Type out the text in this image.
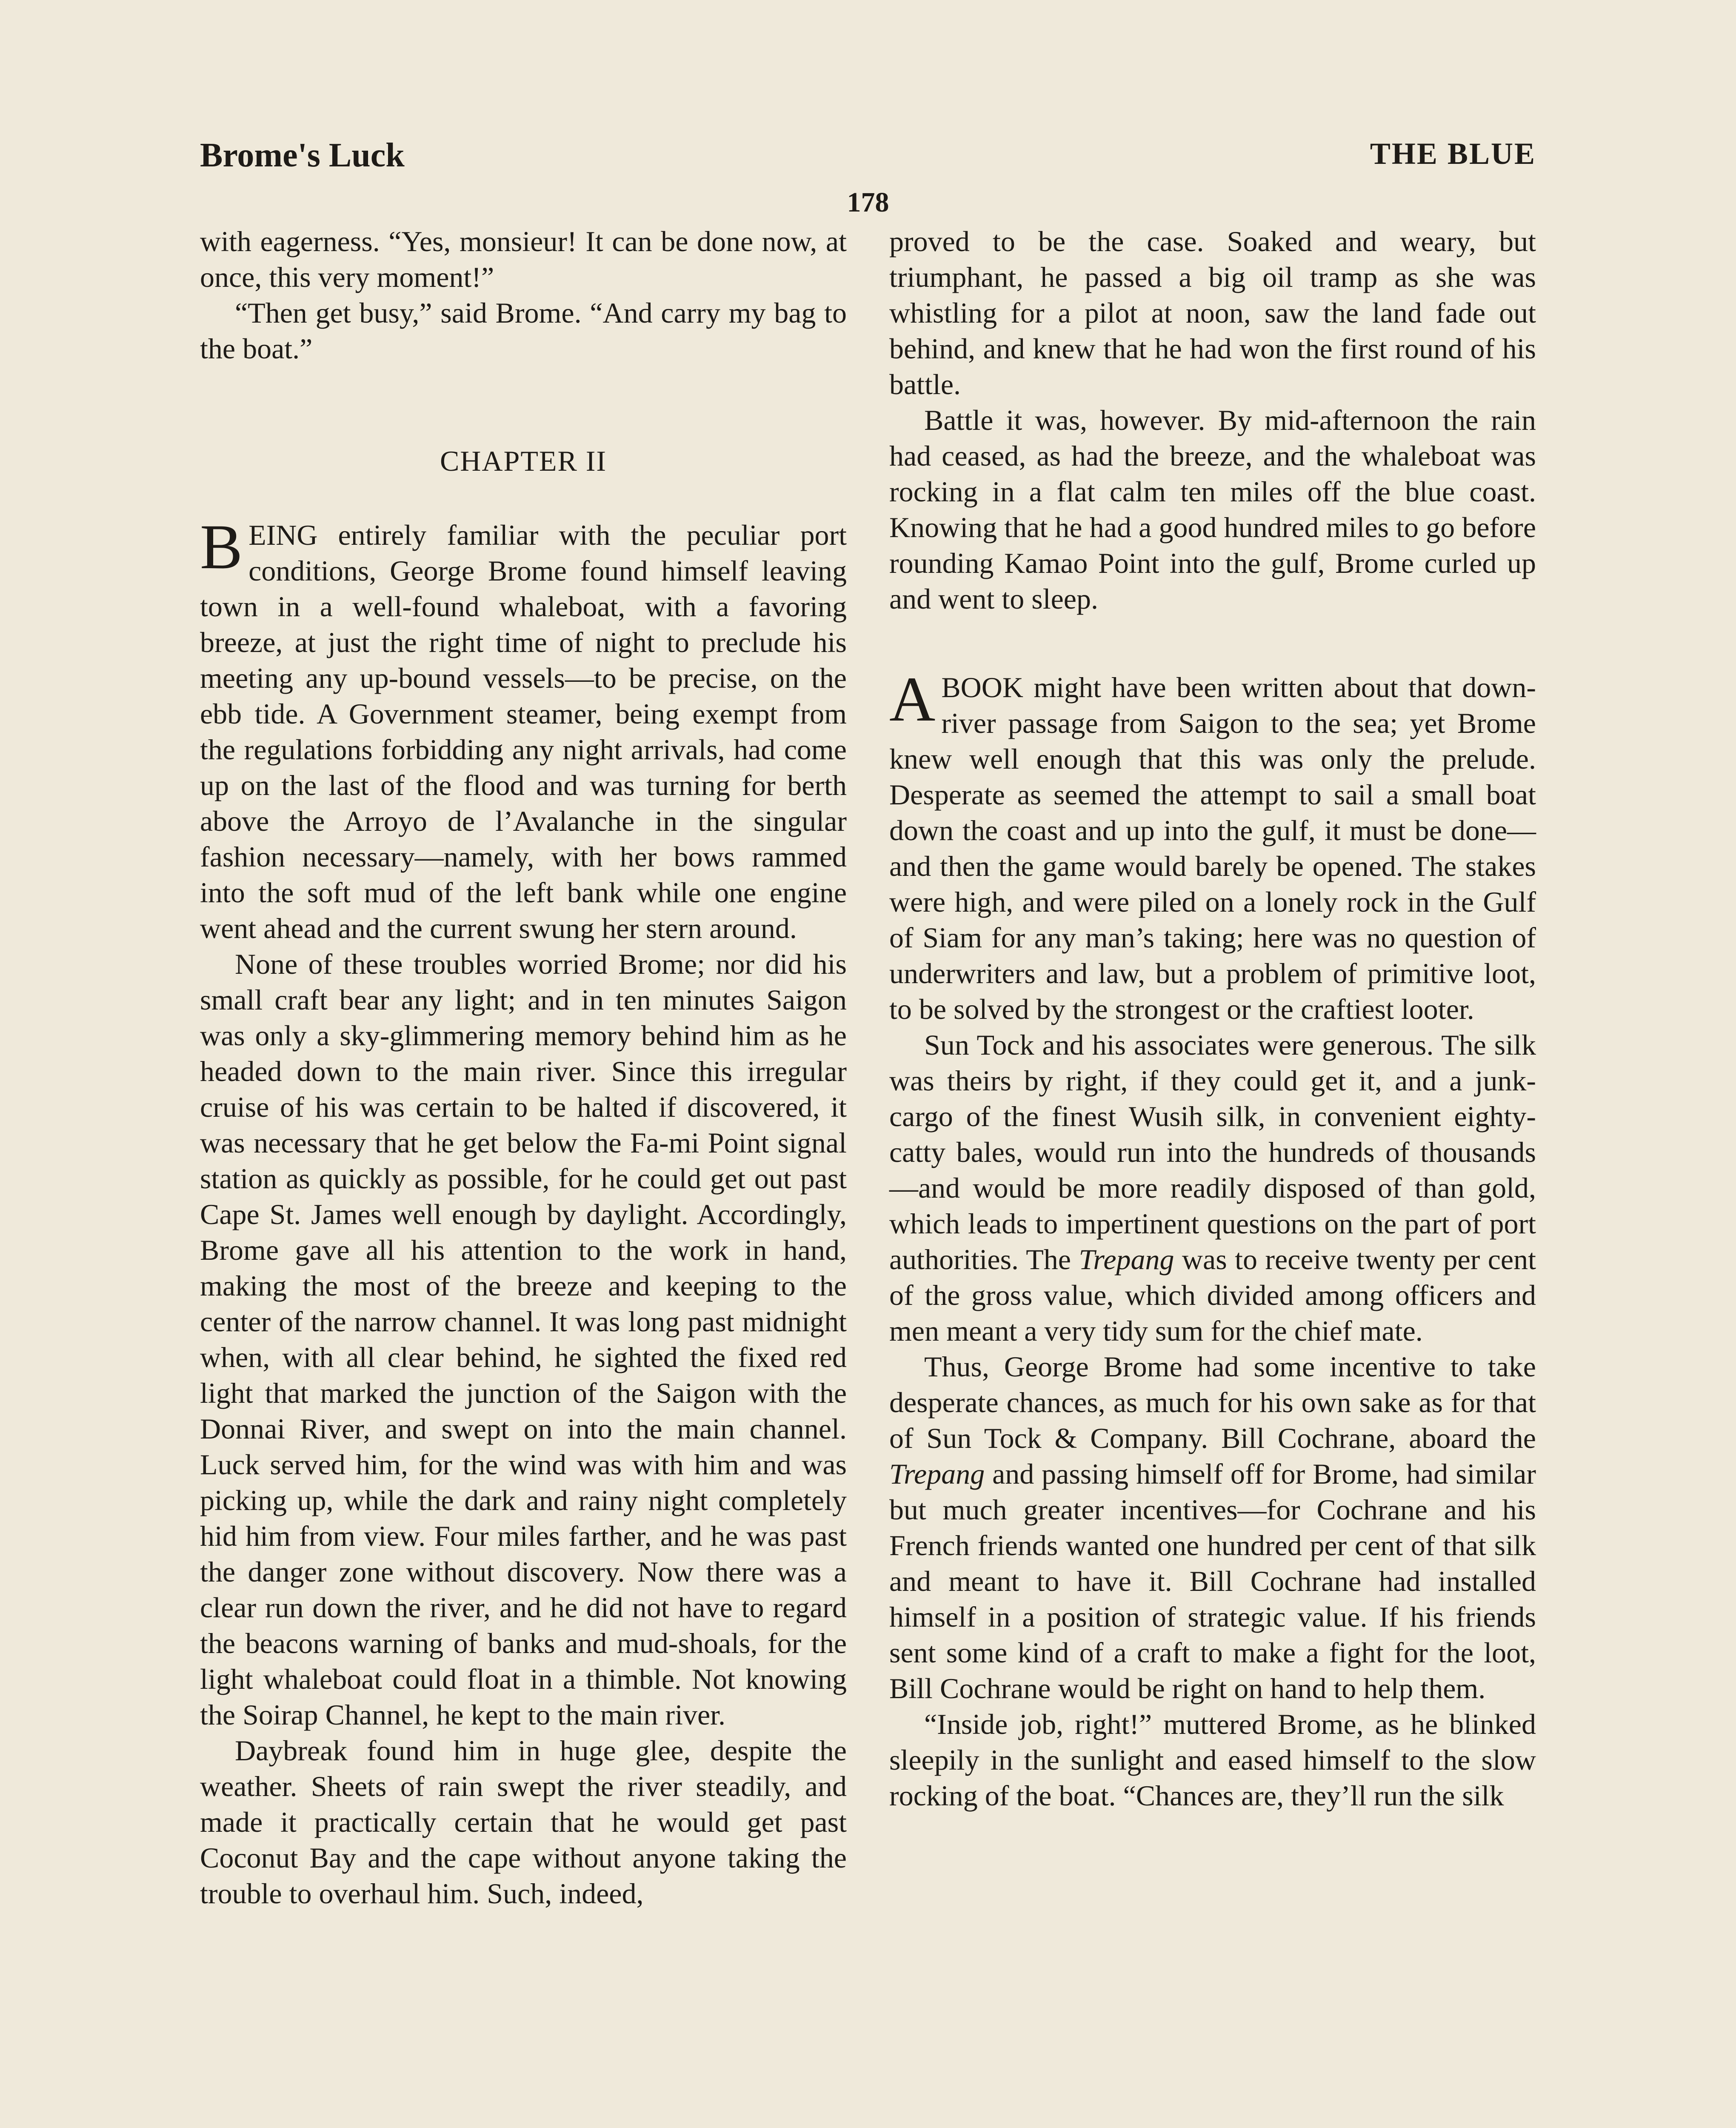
Brome's Luck	THE BLUE
178

with eagerness. “Yes, monsieur! It can be done now, at once, this very moment!”

“Then get busy,” said Brome. “And carry my bag to the boat.”

CHAPTER II

BEING entirely familiar with the peculiar port conditions, George Brome found himself leaving town in a well-found whaleboat, with a favoring breeze, at just the right time of night to preclude his meeting any up-bound vessels—to be precise, on the ebb tide. A Government steamer, being exempt from the regulations forbidding any night arrivals, had come up on the last of the flood and was turning for berth above the Arroyo de l’Avalanche in the singular fashion necessary—namely, with her bows rammed into the soft mud of the left bank while one engine went ahead and the current swung her stern around.

None of these troubles worried Brome; nor did his small craft bear any light; and in ten minutes Saigon was only a sky-glimmering memory behind him as he headed down to the main river. Since this irregular cruise of his was certain to be halted if discovered, it was necessary that he get below the Fa-mi Point signal station as quickly as possible, for he could get out past Cape St. James well enough by daylight. Accordingly, Brome gave all his attention to the work in hand, making the most of the breeze and keeping to the center of the narrow channel. It was long past midnight when, with all clear behind, he sighted the fixed red light that marked the junction of the Saigon with the Donnai River, and swept on into the main channel. Luck served him, for the wind was with him and was picking up, while the dark and rainy night completely hid him from view. Four miles farther, and he was past the danger zone without discovery. Now there was a clear run down the river, and he did not have to regard the beacons warning of banks and mud-shoals, for the light whaleboat could float in a thimble. Not knowing the Soirap Channel, he kept to the main river.

Daybreak found him in huge glee, despite the weather. Sheets of rain swept the river steadily, and made it practically certain that he would get past Coconut Bay and the cape without anyone taking the trouble to overhaul him. Such, indeed,

proved to be the case. Soaked and weary, but triumphant, he passed a big oil tramp as she was whistling for a pilot at noon, saw the land fade out behind, and knew that he had won the first round of his battle.

Battle it was, however. By mid-afternoon the rain had ceased, as had the breeze, and the whaleboat was rocking in a flat calm ten miles off the blue coast. Knowing that he had a good hundred miles to go before rounding Kamao Point into the gulf, Brome curled up and went to sleep.

A BOOK might have been written about that down-river passage from Saigon to the sea; yet Brome knew well enough that this was only the prelude. Desperate as seemed the attempt to sail a small boat down the coast and up into the gulf, it must be done—and then the game would barely be opened. The stakes were high, and were piled on a lonely rock in the Gulf of Siam for any man’s taking; here was no question of underwriters and law, but a problem of primitive loot, to be solved by the strongest or the craftiest looter.

Sun Tock and his associates were generous. The silk was theirs by right, if they could get it, and a junk-cargo of the finest Wusih silk, in convenient eighty-catty bales, would run into the hundreds of thousands—and would be more readily disposed of than gold, which leads to impertinent questions on the part of port authorities. The Trepang was to receive twenty per cent of the gross value, which divided among officers and men meant a very tidy sum for the chief mate.

Thus, George Brome had some incentive to take desperate chances, as much for his own sake as for that of Sun Tock & Company. Bill Cochrane, aboard the Trepang and passing himself off for Brome, had similar but much greater incentives—for Cochrane and his French friends wanted one hundred per cent of that silk and meant to have it. Bill Cochrane had installed himself in a position of strategic value. If his friends sent some kind of a craft to make a fight for the loot, Bill Cochrane would be right on hand to help them.

“Inside job, right!” muttered Brome, as he blinked sleepily in the sunlight and eased himself to the slow rocking of the boat. “Chances are, they’ll run the silk
